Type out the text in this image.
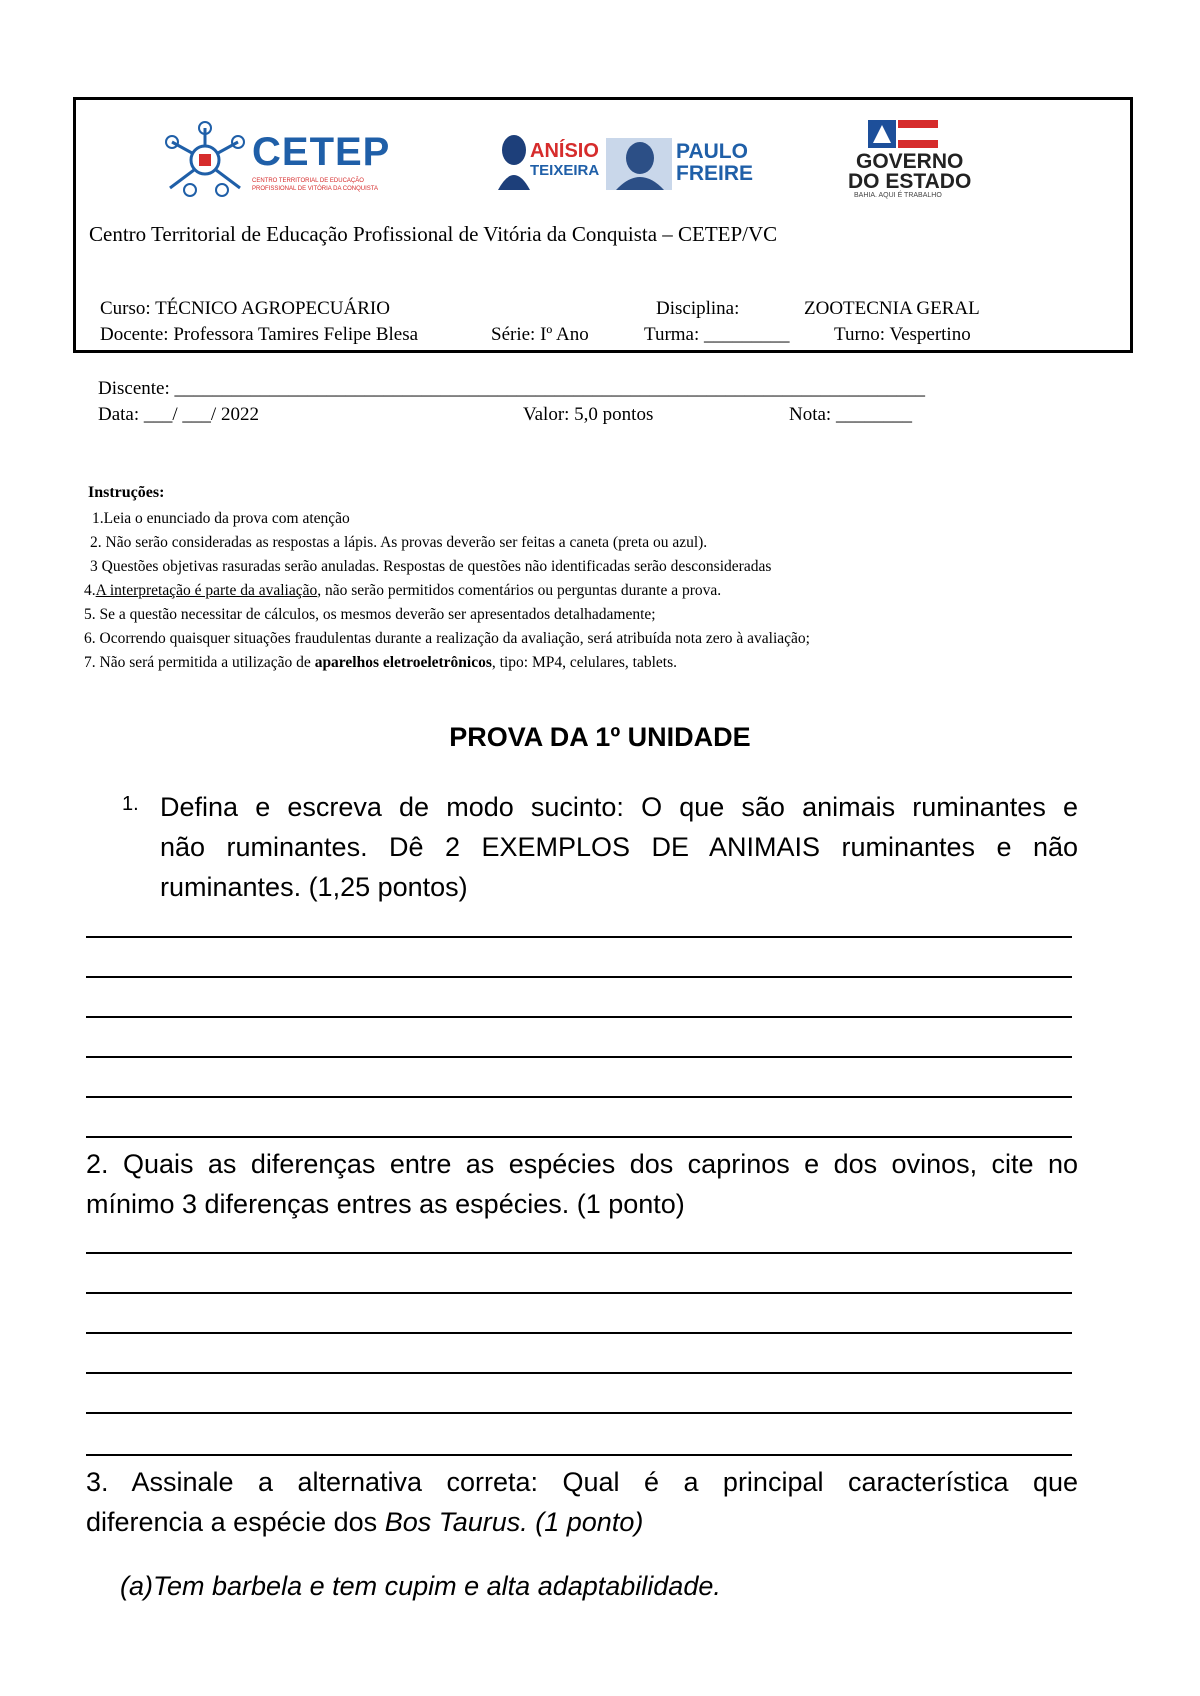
CETEP
CENTRO TERRITORIAL DE EDUCAÇÃO
PROFISSIONAL DE VITÓRIA DA CONQUISTA
ANÍSIO
TEIXEIRA
PAULO
FREIRE
GOVERNO
DO ESTADO
BAHIA. AQUI É TRABALHO
Centro Territorial de Educação Profissional de Vitória da Conquista – CETEP/VC
Curso: TÉCNICO AGROPECUÁRIO	Disciplina:	ZOOTECNIA GERAL
Docente: Professora Tamires Felipe Blesa	Série: Iº Ano	Turma: _________ Turno: Vespertino
Discente: _______________________________________________________________________________
Data: ___/ ___/ 2022	Valor: 5,0 pontos	Nota: ________
Instruções:
1.Leia o enunciado da prova com atenção
2. Não serão consideradas as respostas a lápis. As provas deverão ser feitas a caneta (preta ou azul).
3 Questões objetivas rasuradas serão anuladas. Respostas de questões não identificadas serão desconsideradas
4.A interpretação é parte da avaliação, não serão permitidos comentários ou perguntas durante a prova.
5. Se a questão necessitar de cálculos, os mesmos deverão ser apresentados detalhadamente;
6. Ocorrendo quaisquer situações fraudulentas durante a realização da avaliação, será atribuída nota zero à avaliação;
7. Não será permitida a utilização de aparelhos eletroeletrônicos, tipo: MP4, celulares, tablets.
PROVA DA 1º UNIDADE
1. Defina e escreva de modo sucinto: O que são animais ruminantes e
não ruminantes. Dê 2 EXEMPLOS DE ANIMAIS ruminantes e não
ruminantes. (1,25 pontos)
2. Quais as diferenças entre as espécies dos caprinos e dos ovinos, cite no
mínimo 3 diferenças entres as espécies. (1 ponto)
3. Assinale a alternativa correta: Qual é a principal característica que
diferencia a espécie dos Bos Taurus. (1 ponto)
(a)Tem barbela e tem cupim e alta adaptabilidade.
